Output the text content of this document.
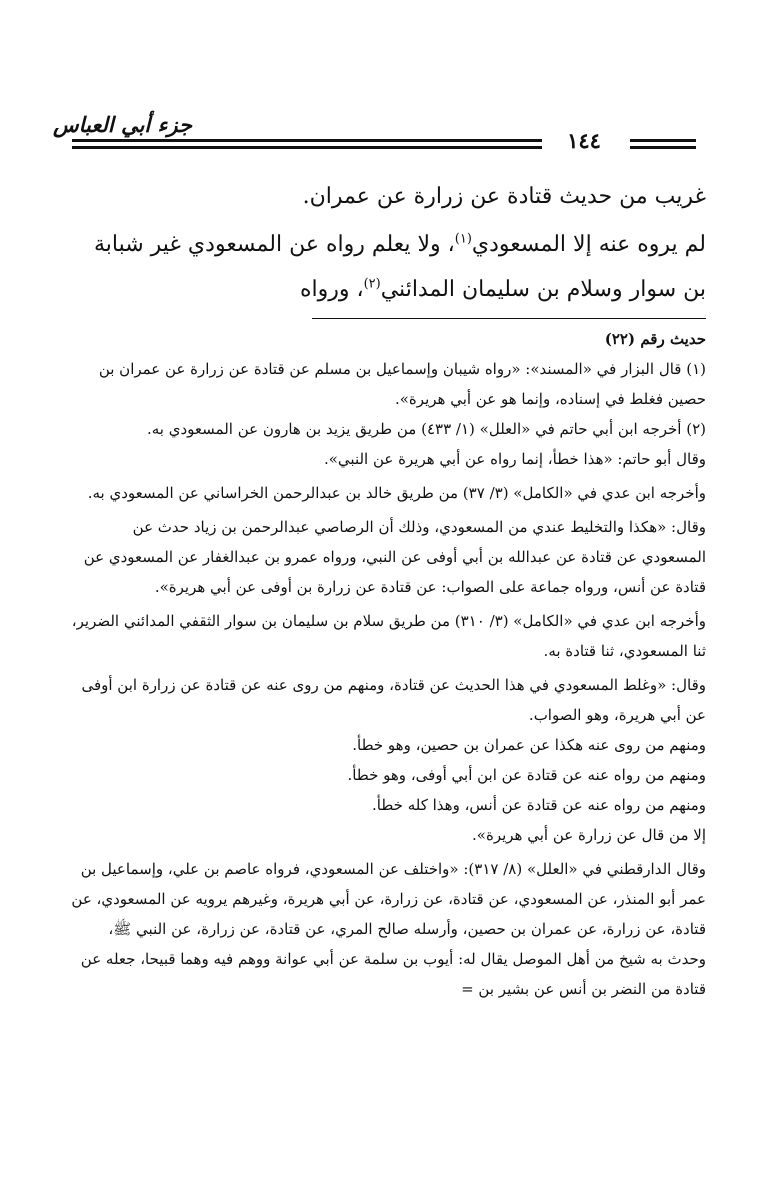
جزء أبي العباس
١٤٤

غريب من حديث قتادة عن زرارة عن عمران.

لم يروه عنه إلا المسعودي$^{(١)}$، ولا يعلم رواه عن المسعودي غير شبابة بن سوار وسلام بن سليمان المدائني$^{(٢)}$، ورواه

حديث رقم (٢٢)

(١) قال البزار في «المسند»: «رواه شيبان وإسماعيل بن مسلم عن قتادة عن زرارة عن عمران بن حصين فغلط في إسناده، وإنما هو عن أبي هريرة».

(٢) أخرجه ابن أبي حاتم في «العلل» (١/ ٤٣٣) من طريق يزيد بن هارون عن المسعودي به.

وقال أبو حاتم: «هذا خطأ، إنما رواه عن أبي هريرة عن النبي».

وأخرجه ابن عدي في «الكامل» (٣/ ٣٧) من طريق خالد بن عبدالرحمن الخراساني عن المسعودي به.

وقال: «هكذا والتخليط عندي من المسعودي، وذلك أن الرصاصي عبدالرحمن بن زياد حدث عن المسعودي عن قتادة عن عبدالله بن أبي أوفى عن النبي، ورواه عمرو بن عبدالغفار عن المسعودي عن قتادة عن أنس، ورواه جماعة على الصواب: عن قتادة عن زرارة بن أوفى عن أبي هريرة».

وأخرجه ابن عدي في «الكامل» (٣/ ٣١٠) من طريق سلام بن سليمان بن سوار الثقفي المدائني الضرير، ثنا المسعودي، ثنا قتادة به.

وقال: «وغلط المسعودي في هذا الحديث عن قتادة، ومنهم من روى عنه عن قتادة عن زرارة ابن أوفى عن أبي هريرة، وهو الصواب.

ومنهم من روى عنه هكذا عن عمران بن حصين، وهو خطأ.

ومنهم من رواه عنه عن قتادة عن ابن أبي أوفى، وهو خطأ.

ومنهم من رواه عنه عن قتادة عن أنس، وهذا كله خطأ.

إلا من قال عن زرارة عن أبي هريرة».

وقال الدارقطني في «العلل» (٨/ ٣١٧): «واختلف عن المسعودي، فرواه عاصم بن علي، وإسماعيل بن عمر أبو المنذر، عن المسعودي، عن قتادة، عن زرارة، عن أبي هريرة، وغيرهم يرويه عن المسعودي، عن قتادة، عن زرارة، عن عمران بن حصين، وأرسله صالح المري، عن قتادة، عن زرارة، عن النبي ﷺ، وحدث به شيخ من أهل الموصل يقال له: أيوب بن سلمة عن أبي عوانة ووهم فيه وهما قبيحا، جعله عن قتادة من النضر بن أنس عن بشير بن =
